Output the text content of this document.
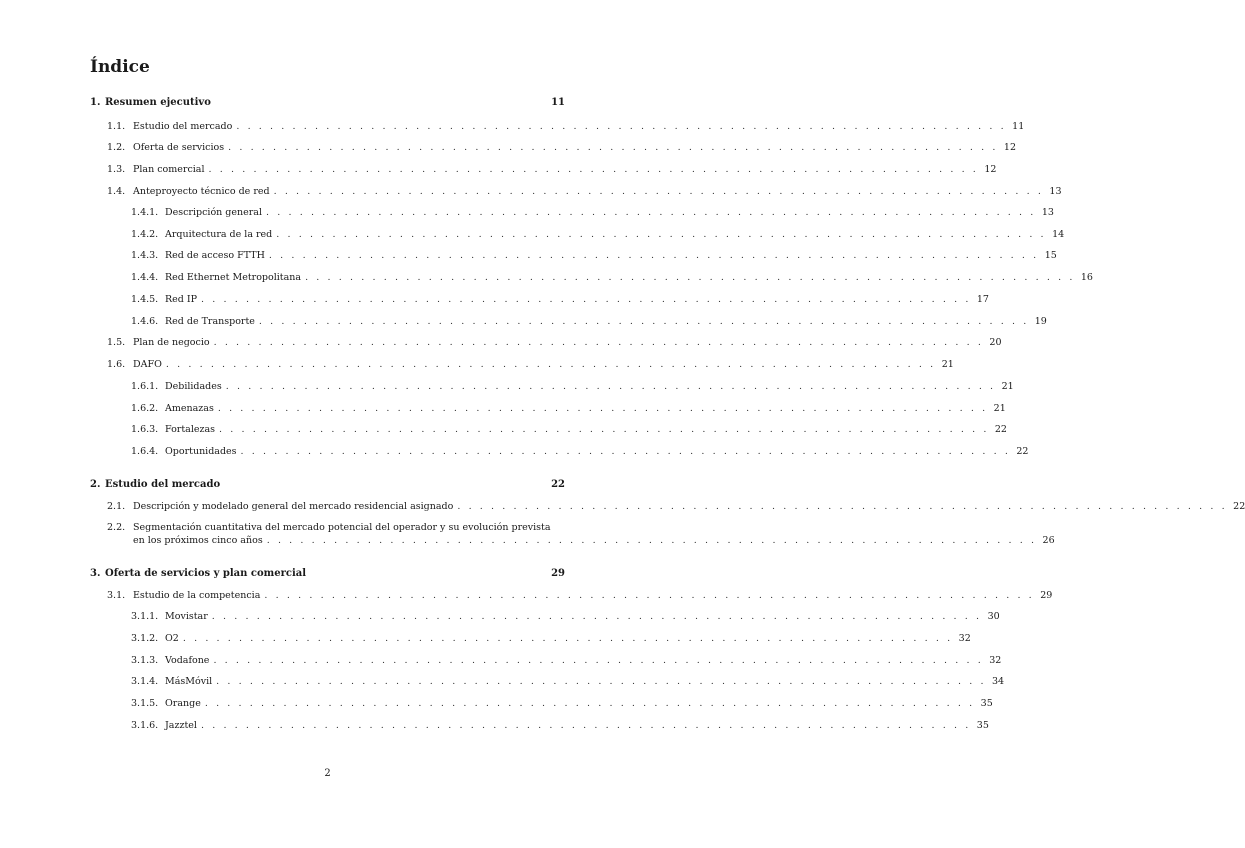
Índice
1. Resumen ejecutivo	11
1.1. Estudio del mercado . . . . . . . . . . . . . . . . . . . . . . . . . . . . . . . . . . . . . . . . . . . . . . . . . . . . . . . . . . . . . . . . . . . . . 11
1.2. Oferta de servicios . . . . . . . . . . . . . . . . . . . . . . . . . . . . . . . . . . . . . . . . . . . . . . . . . . . . . . . . . . . . . . . . . . . . . 12
1.3. Plan comercial . . . . . . . . . . . . . . . . . . . . . . . . . . . . . . . . . . . . . . . . . . . . . . . . . . . . . . . . . . . . . . . . . . . . . 12
1.4. Anteproyecto técnico de red . . . . . . . . . . . . . . . . . . . . . . . . . . . . . . . . . . . . . . . . . . . . . . . . . . . . . . . . . . . . . . . . . . . . . 13
1.4.1. Descripción general . . . . . . . . . . . . . . . . . . . . . . . . . . . . . . . . . . . . . . . . . . . . . . . . . . . . . . . . . . . . . . . . . . . . . 13
1.4.2. Arquitectura de la red . . . . . . . . . . . . . . . . . . . . . . . . . . . . . . . . . . . . . . . . . . . . . . . . . . . . . . . . . . . . . . . . . . . . . 14
1.4.3. Red de acceso FTTH . . . . . . . . . . . . . . . . . . . . . . . . . . . . . . . . . . . . . . . . . . . . . . . . . . . . . . . . . . . . . . . . . . . . . 15
1.4.4. Red Ethernet Metropolitana . . . . . . . . . . . . . . . . . . . . . . . . . . . . . . . . . . . . . . . . . . . . . . . . . . . . . . . . . . . . . . . . . . . . . 16
1.4.5. Red IP . . . . . . . . . . . . . . . . . . . . . . . . . . . . . . . . . . . . . . . . . . . . . . . . . . . . . . . . . . . . . . . . . . . . . 17
1.4.6. Red de Transporte . . . . . . . . . . . . . . . . . . . . . . . . . . . . . . . . . . . . . . . . . . . . . . . . . . . . . . . . . . . . . . . . . . . . . 19
1.5. Plan de negocio . . . . . . . . . . . . . . . . . . . . . . . . . . . . . . . . . . . . . . . . . . . . . . . . . . . . . . . . . . . . . . . . . . . . . 20
1.6. DAFO . . . . . . . . . . . . . . . . . . . . . . . . . . . . . . . . . . . . . . . . . . . . . . . . . . . . . . . . . . . . . . . . . . . . . 21
1.6.1. Debilidades . . . . . . . . . . . . . . . . . . . . . . . . . . . . . . . . . . . . . . . . . . . . . . . . . . . . . . . . . . . . . . . . . . . . . 21
1.6.2. Amenazas . . . . . . . . . . . . . . . . . . . . . . . . . . . . . . . . . . . . . . . . . . . . . . . . . . . . . . . . . . . . . . . . . . . . . 21
1.6.3. Fortalezas . . . . . . . . . . . . . . . . . . . . . . . . . . . . . . . . . . . . . . . . . . . . . . . . . . . . . . . . . . . . . . . . . . . . . 22
1.6.4. Oportunidades . . . . . . . . . . . . . . . . . . . . . . . . . . . . . . . . . . . . . . . . . . . . . . . . . . . . . . . . . . . . . . . . . . . . . 22
2. Estudio del mercado	22
2.1. Descripción y modelado general del mercado residencial asignado . . . . . . . . . . . . . . . . . . . . . . . . . . . . . . . . . . . . . . . . . . . . . . . . . . . . . . . . . . . . . . . . . . . . . 22
2.2. Segmentación cuantitativa del mercado potencial del operador y su evolución prevista
en los próximos cinco años . . . . . . . . . . . . . . . . . . . . . . . . . . . . . . . . . . . . . . . . . . . . . . . . . . . . . . . . . . . . . . . . . . . . . 26
3. Oferta de servicios y plan comercial	29
3.1. Estudio de la competencia . . . . . . . . . . . . . . . . . . . . . . . . . . . . . . . . . . . . . . . . . . . . . . . . . . . . . . . . . . . . . . . . . . . . . 29
3.1.1. Movistar . . . . . . . . . . . . . . . . . . . . . . . . . . . . . . . . . . . . . . . . . . . . . . . . . . . . . . . . . . . . . . . . . . . . . 30
3.1.2. O2 . . . . . . . . . . . . . . . . . . . . . . . . . . . . . . . . . . . . . . . . . . . . . . . . . . . . . . . . . . . . . . . . . . . . . 32
3.1.3. Vodafone . . . . . . . . . . . . . . . . . . . . . . . . . . . . . . . . . . . . . . . . . . . . . . . . . . . . . . . . . . . . . . . . . . . . . 32
3.1.4. MásMóvil . . . . . . . . . . . . . . . . . . . . . . . . . . . . . . . . . . . . . . . . . . . . . . . . . . . . . . . . . . . . . . . . . . . . . 34
3.1.5. Orange . . . . . . . . . . . . . . . . . . . . . . . . . . . . . . . . . . . . . . . . . . . . . . . . . . . . . . . . . . . . . . . . . . . . . 35
3.1.6. Jazztel . . . . . . . . . . . . . . . . . . . . . . . . . . . . . . . . . . . . . . . . . . . . . . . . . . . . . . . . . . . . . . . . . . . . . 35
2
